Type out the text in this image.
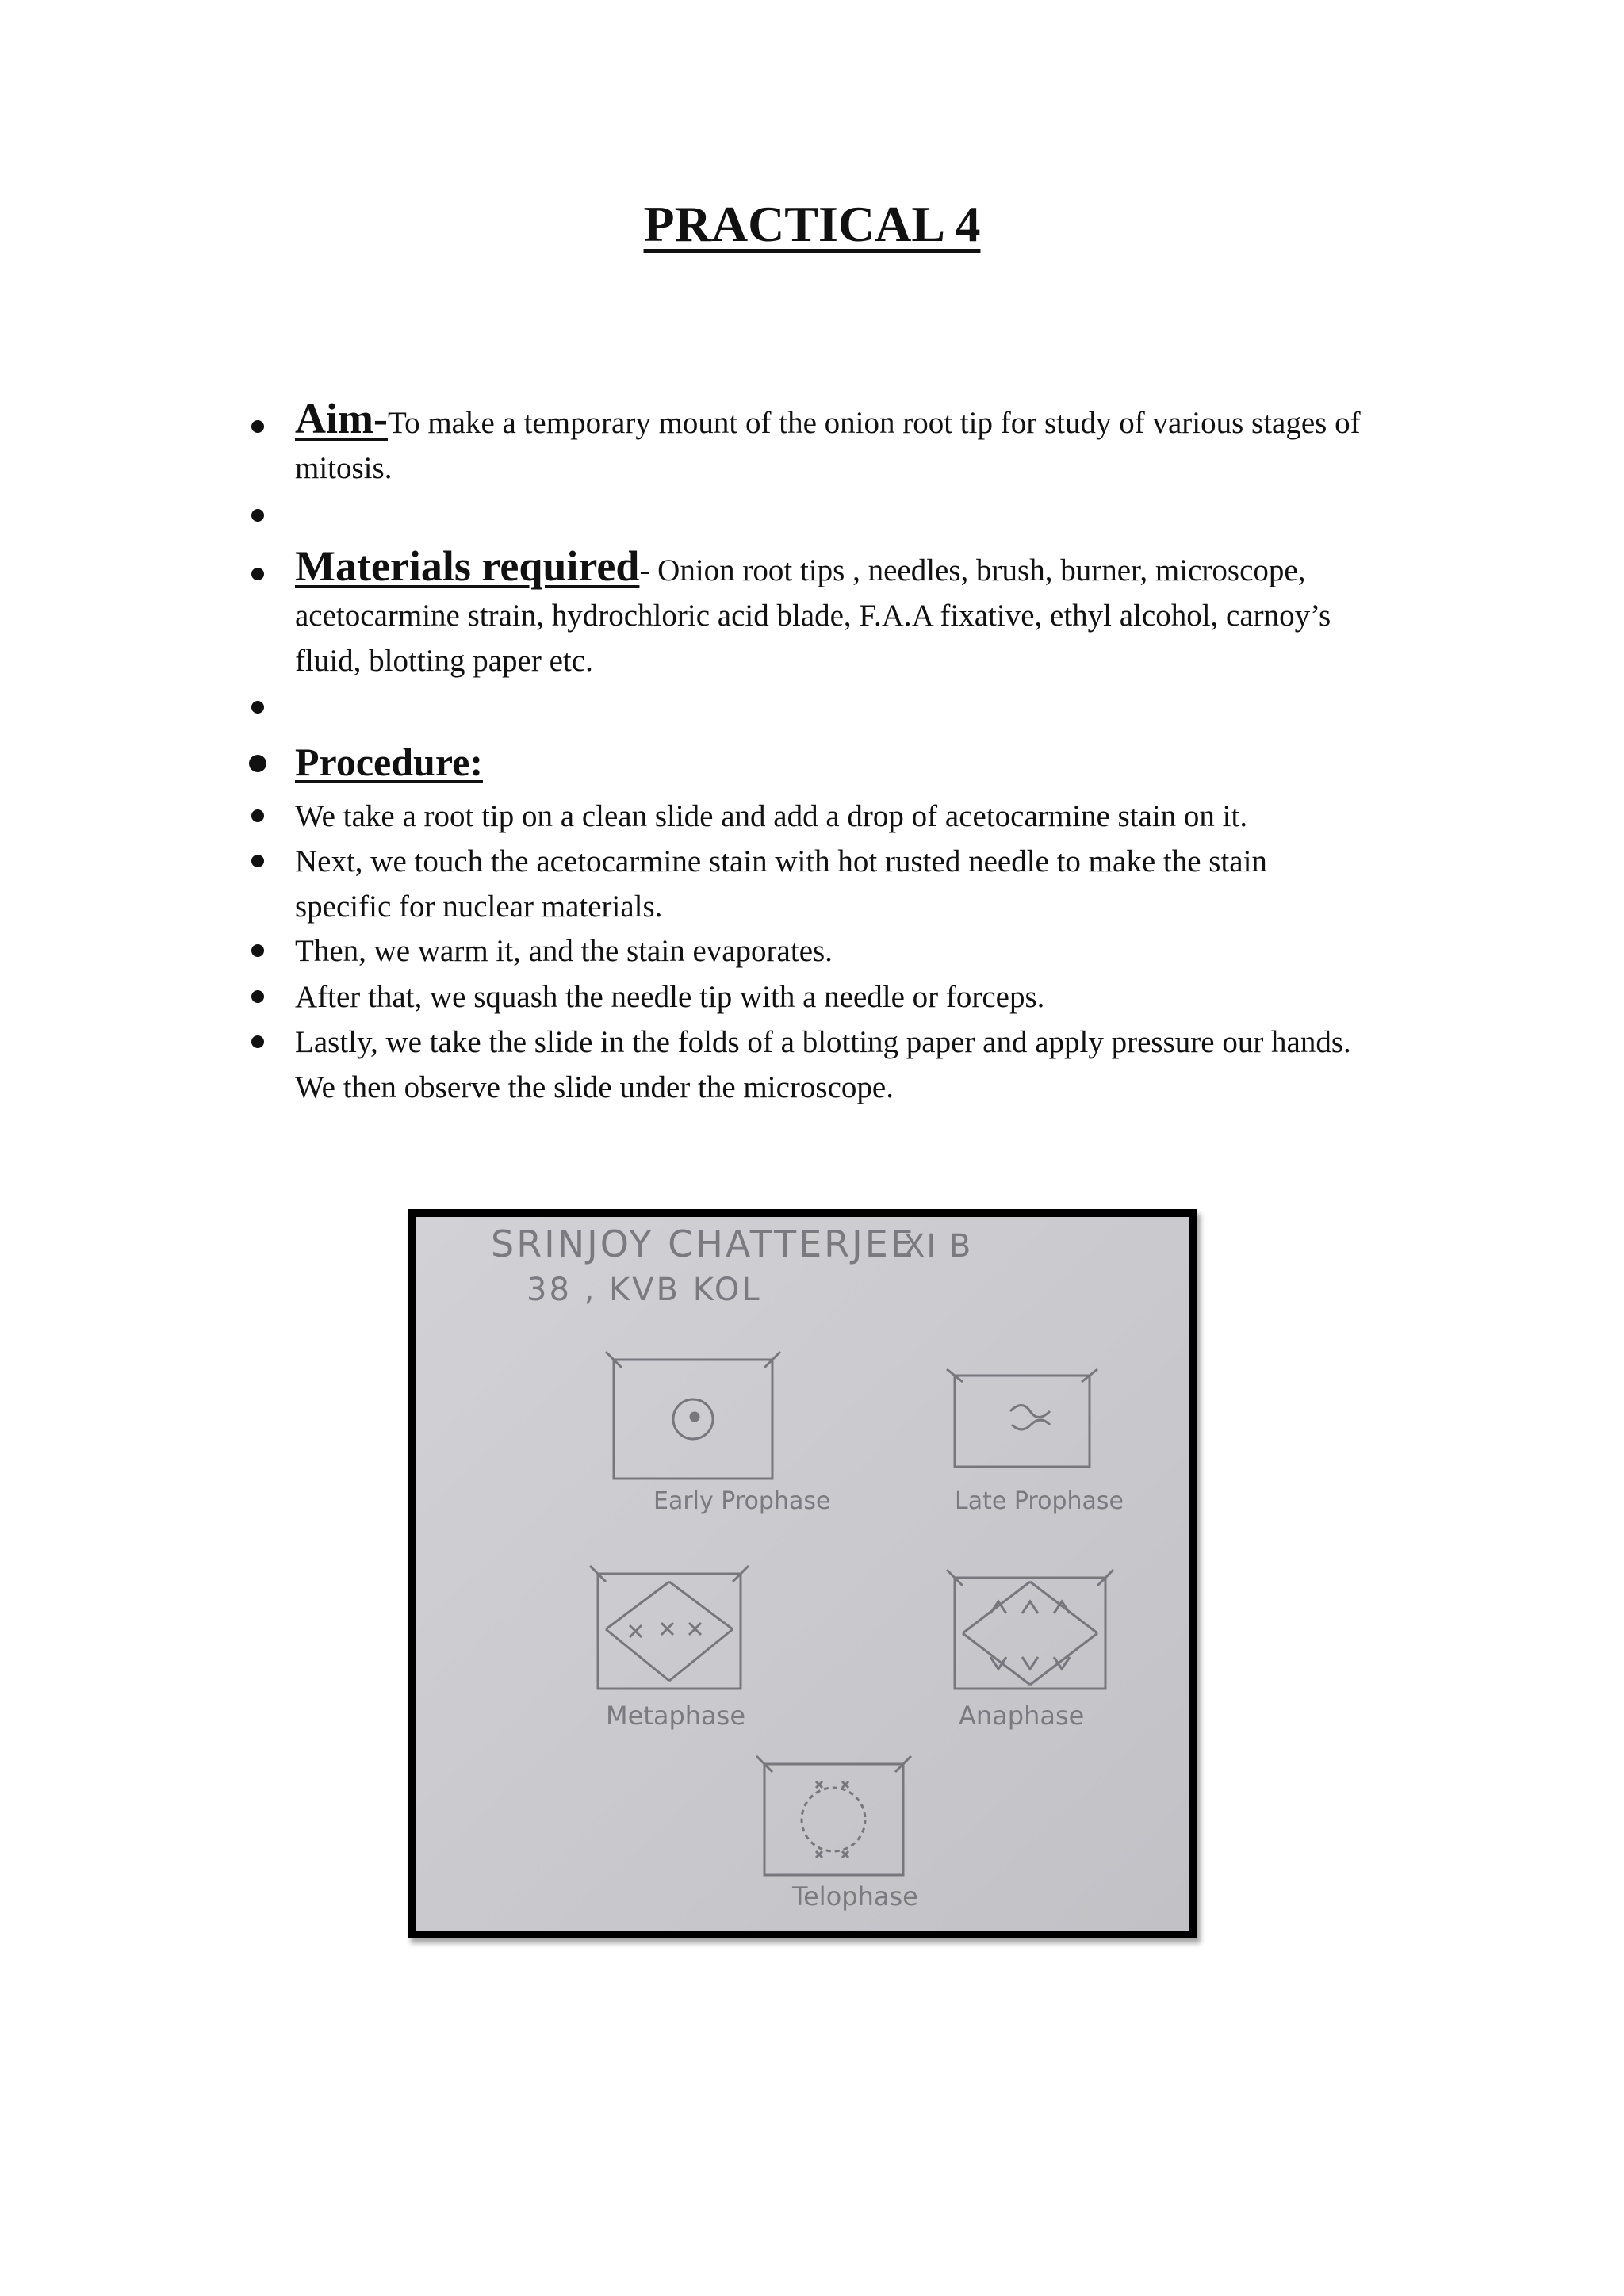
PRACTICAL 4
Aim-To make a temporary mount of the onion root tip for study of various stages of
mitosis.
Materials required- Onion root tips , needles, brush, burner, microscope,
acetocarmine strain, hydrochloric acid blade, F.A.A fixative, ethyl alcohol, carnoy’s
fluid, blotting paper etc.
Procedure:
We take a root tip on a clean slide and add a drop of acetocarmine stain on it.
Next, we touch the acetocarmine stain with hot rusted needle to make the stain
specific for nuclear materials.
Then, we warm it, and the stain evaporates.
After that, we squash the needle tip with a needle or forceps.
Lastly, we take the slide in the folds of a blotting paper and apply pressure our hands.
We then observe the slide under the microscope.
SRINJOY CHATTERJEE
XI B
38 , KVB KOL
Early Prophase	Late Prophase
Metaphase	Anaphase
Telophase
